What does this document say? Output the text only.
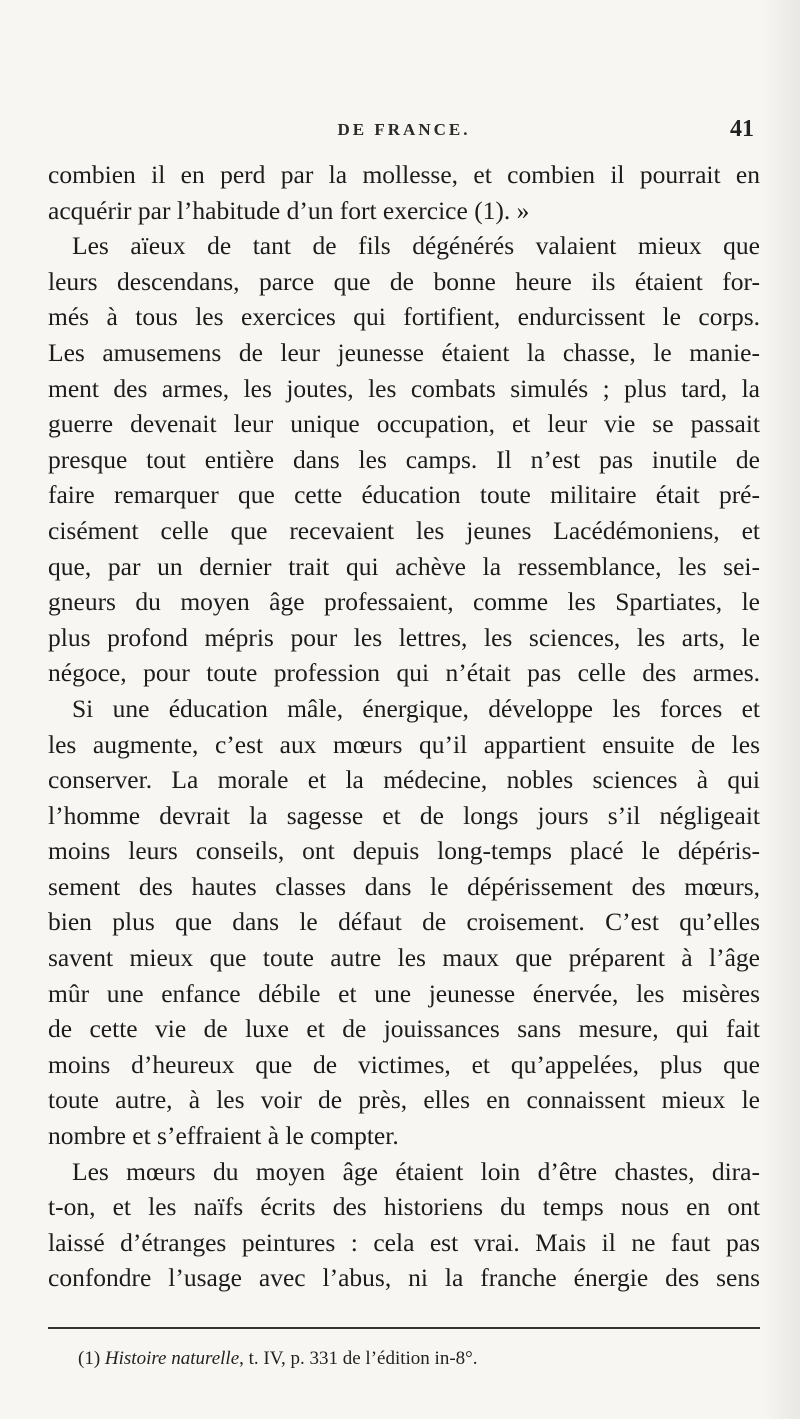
DE FRANCE.	41

combien il en perd par la mollesse, et combien il pourrait en

acquérir par l’habitude d’un fort exercice (1). »

Les aïeux de tant de fils dégénérés valaient mieux que

leurs descendans, parce que de bonne heure ils étaient for-

més à tous les exercices qui fortifient, endurcissent le corps.

Les amusemens de leur jeunesse étaient la chasse, le manie-

ment des armes, les joutes, les combats simulés ; plus tard, la

guerre devenait leur unique occupation, et leur vie se passait

presque tout entière dans les camps. Il n’est pas inutile de

faire remarquer que cette éducation toute militaire était pré-

cisément celle que recevaient les jeunes Lacédémoniens, et

que, par un dernier trait qui achève la ressemblance, les sei-

gneurs du moyen âge professaient, comme les Spartiates, le

plus profond mépris pour les lettres, les sciences, les arts, le

négoce, pour toute profession qui n’était pas celle des armes.

Si une éducation mâle, énergique, développe les forces et

les augmente, c’est aux mœurs qu’il appartient ensuite de les

conserver. La morale et la médecine, nobles sciences à qui

l’homme devrait la sagesse et de longs jours s’il négligeait

moins leurs conseils, ont depuis long-temps placé le dépéris-

sement des hautes classes dans le dépérissement des mœurs,

bien plus que dans le défaut de croisement. C’est qu’elles

savent mieux que toute autre les maux que préparent à l’âge

mûr une enfance débile et une jeunesse énervée, les misères

de cette vie de luxe et de jouissances sans mesure, qui fait

moins d’heureux que de victimes, et qu’appelées, plus que

toute autre, à les voir de près, elles en connaissent mieux le

nombre et s’effraient à le compter.

Les mœurs du moyen âge étaient loin d’être chastes, dira-

t-on, et les naïfs écrits des historiens du temps nous en ont

laissé d’étranges peintures : cela est vrai. Mais il ne faut pas

confondre l’usage avec l’abus, ni la franche énergie des sens

(1) Histoire naturelle, t. IV, p. 331 de l’édition in-8°.
